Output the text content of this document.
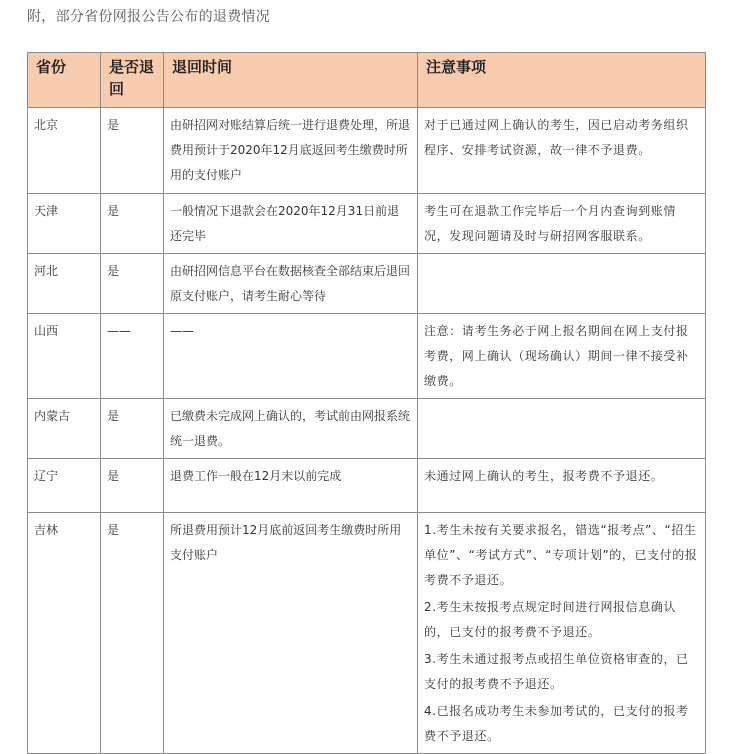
附，部分省份网报公告公布的退费情况
省份	是否退回	退回时间	注意事项
北京	是	由研招网对账结算后统一进行退费处理，所退费用预计于2020年12月底返回考生缴费时所用的支付账户	对于已通过网上确认的考生，因已启动考务组织程序、安排考试资源，故一律不予退费。

天津	是	一般情况下退款会在2020年12月31日前退还完毕	考生可在退款工作完毕后一个月内查询到账情况，发现问题请及时与研招网客服联系。

河北	是	由研招网信息平台在数据核查全部结束后退回原支付账户，请考生耐心等待	
山西	——	——	注意：请考生务必于网上报名期间在网上支付报考费，网上确认（现场确认）期间一律不接受补缴费。

内蒙古	是	已缴费未完成网上确认的，考试前由网报系统统一退费。	
辽宁	是	退费工作一般在12月末以前完成	未通过网上确认的考生，报考费不予退还。

吉林	是	所退费用预计12月底前返回考生缴费时所用支付账户	1.考生未按有关要求报名，错选“报考点”、“招生单位”、“考试方式”、“专项计划”的，已支付的报考费不予退还。
2.考生未按报考点规定时间进行网报信息确认的，已支付的报考费不予退还。
3.考生未通过报考点或招生单位资格审查的，已支付的报考费不予退还。
4.已报名成功考生未参加考试的，已支付的报考费不予退还。
